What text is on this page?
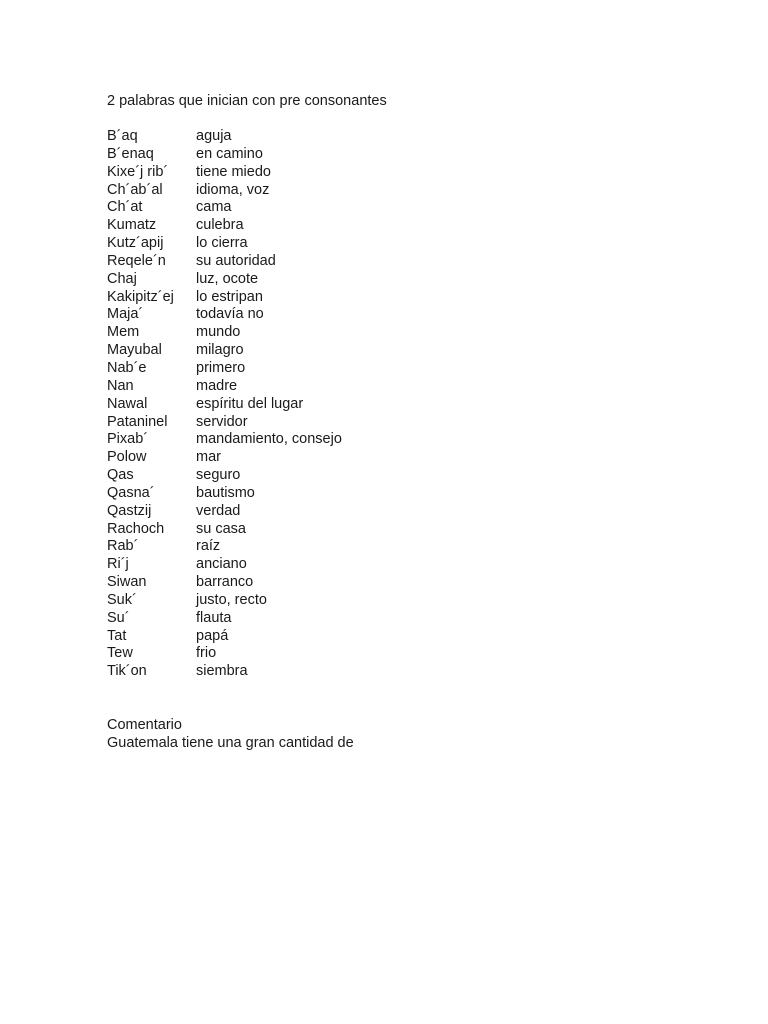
2 palabras que inician con pre consonantes
B´aq	aguja
B´enaq	en camino
Kixe´j rib´	tiene miedo
Ch´ab´al	idioma, voz
Ch´at	cama
Kumatz	culebra
Kutz´apij	lo cierra
Reqele´n	su autoridad
Chaj	luz, ocote
Kakipitz´ej	lo estripan
Maja´	todavía no
Mem	mundo
Mayubal	milagro
Nab´e	primero
Nan	madre
Nawal	espíritu del lugar
Pataninel	servidor
Pixab´	mandamiento, consejo
Polow	mar
Qas	seguro
Qasna´	bautismo
Qastzij	verdad
Rachoch	su casa
Rab´	raíz
Ri´j	anciano
Siwan	barranco
Suk´	justo, recto
Su´	flauta
Tat	papá
Tew	frio
Tik´on	siembra
Comentario
Guatemala tiene una gran cantidad de
